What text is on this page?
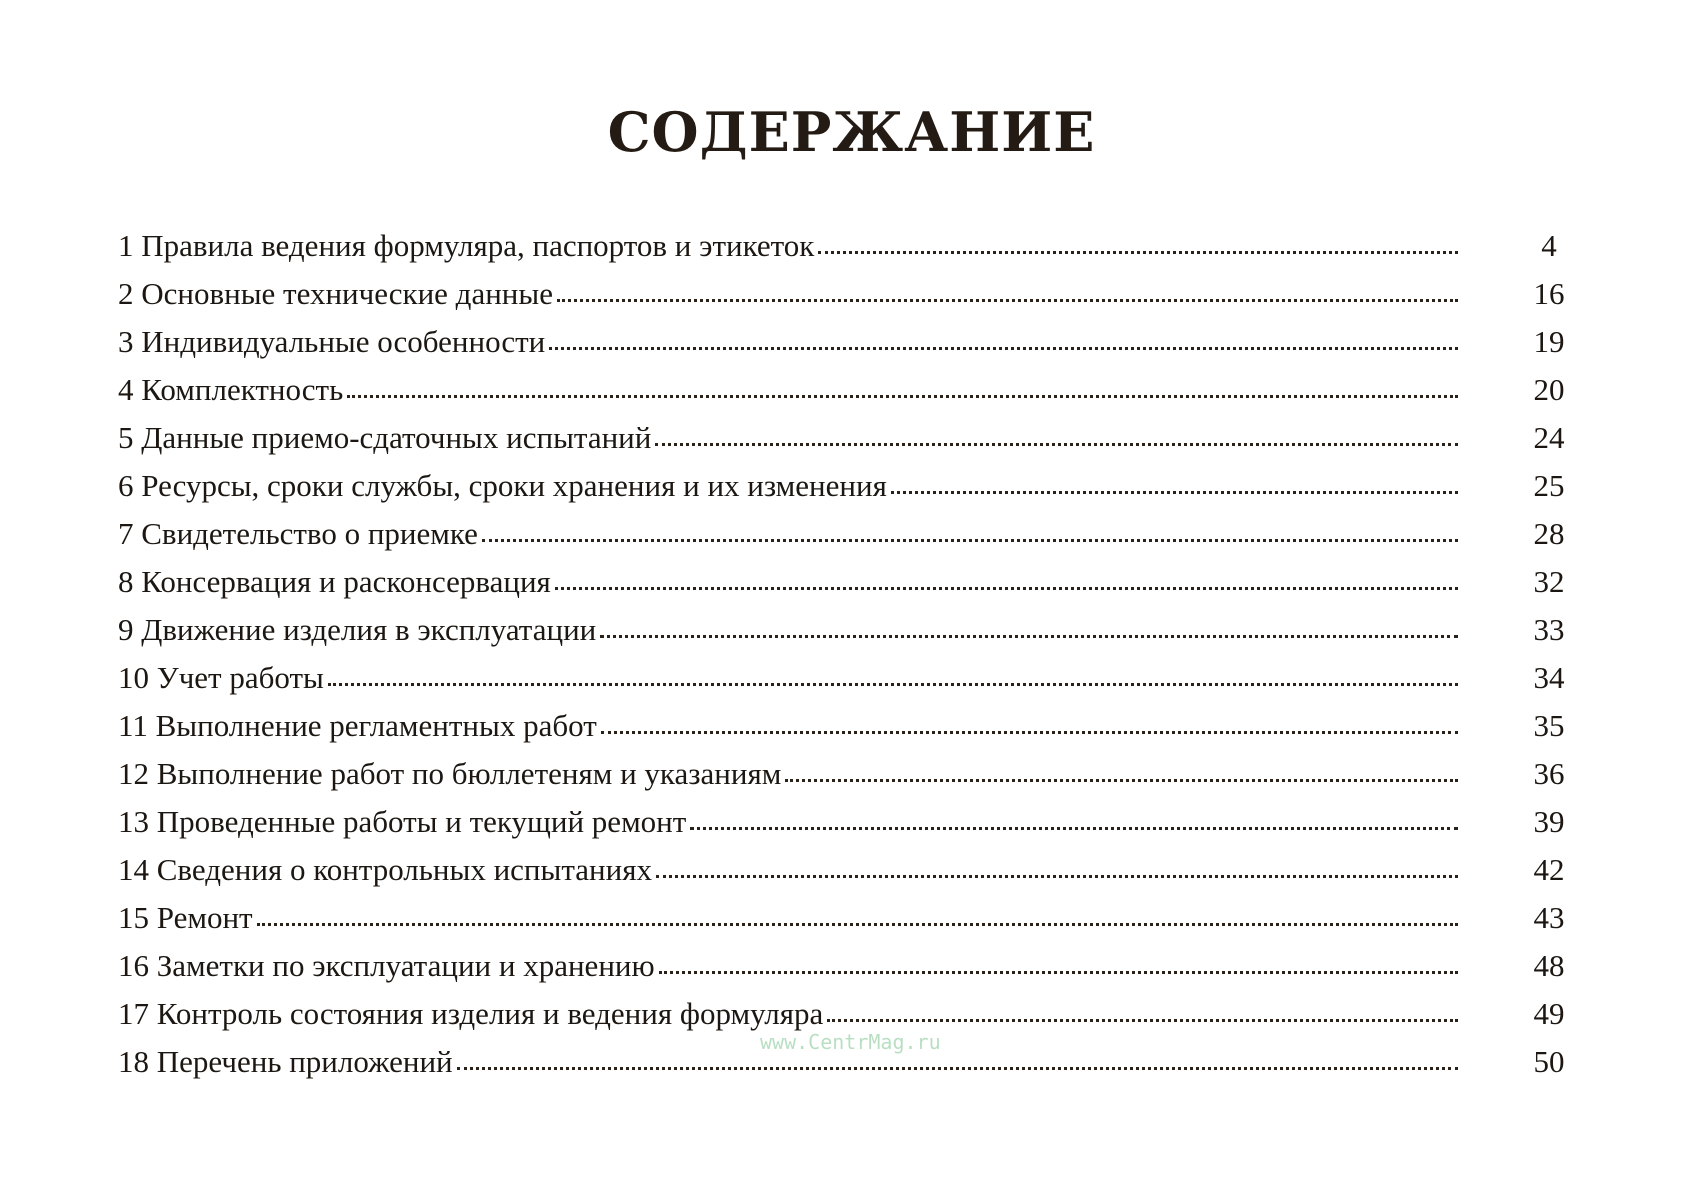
СОДЕРЖАНИЕ
1 Правила ведения формуляра, паспортов и этикеток	4
2 Основные технические данные	16
3 Индивидуальные особенности	19
4 Комплектность	20
5 Данные приемо-сдаточных испытаний	24
6 Ресурсы, сроки службы, сроки хранения и их изменения	25
7 Свидетельство о приемке	28
8 Консервация и расконсервация	32
9 Движение изделия в эксплуатации	33
10 Учет работы	34
11 Выполнение регламентных работ	35
12 Выполнение работ по бюллетеням и указаниям	36
13 Проведенные работы и текущий ремонт	39
14 Сведения о контрольных испытаниях	42
15 Ремонт	43
16 Заметки по эксплуатации и хранению	48
17 Контроль состояния изделия и ведения формуляра	49
18 Перечень приложений	50
www.CentrMag.ru
